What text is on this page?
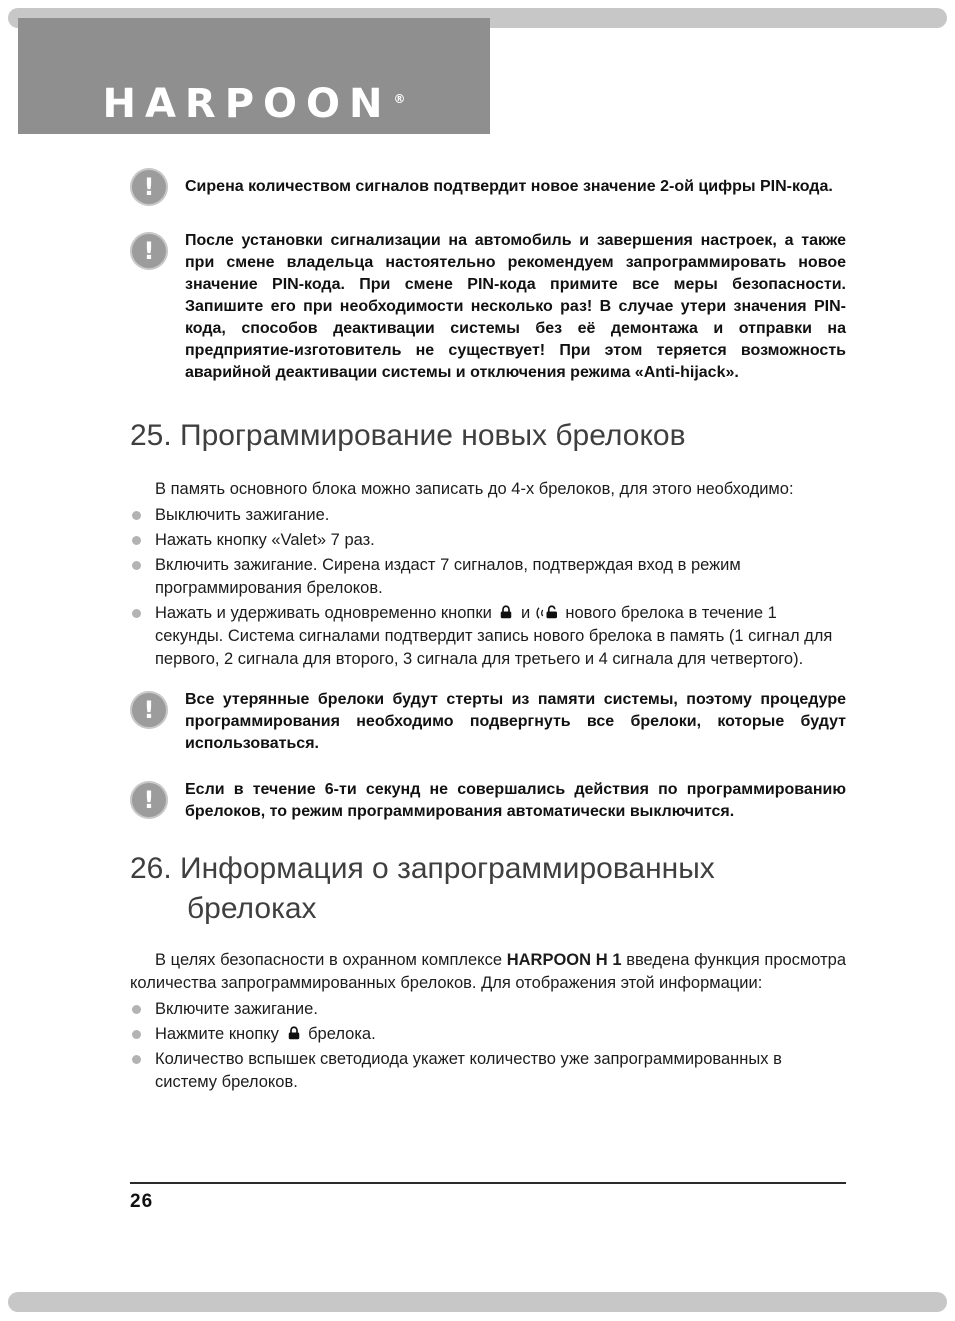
HARPOON ®
!	Сирена количеством сигналов подтвердит новое значение 2-ой цифры PIN-кода.

!	После установки сигнализации на автомобиль и завершения настроек, а также при смене владельца настоятельно рекомендуем запрограммировать новое значение PIN-кода. При смене PIN-кода примите все меры безопасности. Запишите его при необходимости несколько раз! В случае утери значения PIN-кода, способов деактивации системы без её демонтажа и отправки на предприятие-изготовитель не существует! При этом теряется возможность аварийной деактивации системы и отключения режима «Anti-hijack».

25. Программирование новых брелоков

В память основного блока можно записать до 4-х брелоков, для этого необходимо:

Выключить зажигание.
Нажать кнопку «Valet» 7 раз.
Включить зажигание. Сирена издаст 7 сигналов, подтверждая вход в режим программирования брелоков.
Нажать и удерживать одновременно кнопки и нового брелока в течение 1 секунды. Система сигналами подтвердит запись нового брелока в память (1 сигнал для первого, 2 сигнала для второго, 3 сигнала для третьего и 4 сигнала для четвертого).
!	Все утерянные брелоки будут стерты из памяти системы, поэтому процедуре программирования необходимо подвергнуть все брелоки, которые будут использоваться.

!	Если в течение 6-ти секунд не совершались действия по программированию брелоков, то режим программирования автоматически выключится.

26. Информация о запрограммированных брелоках

В целях безопасности в охранном комплексе HARPOON H 1 введена функция просмотра количества запрограммированных брелоков. Для отображения этой информации:

Включите зажигание.
Нажмите кнопку брелока.
Количество вспышек светодиода укажет количество уже запрограммированных в систему брелоков.
26
